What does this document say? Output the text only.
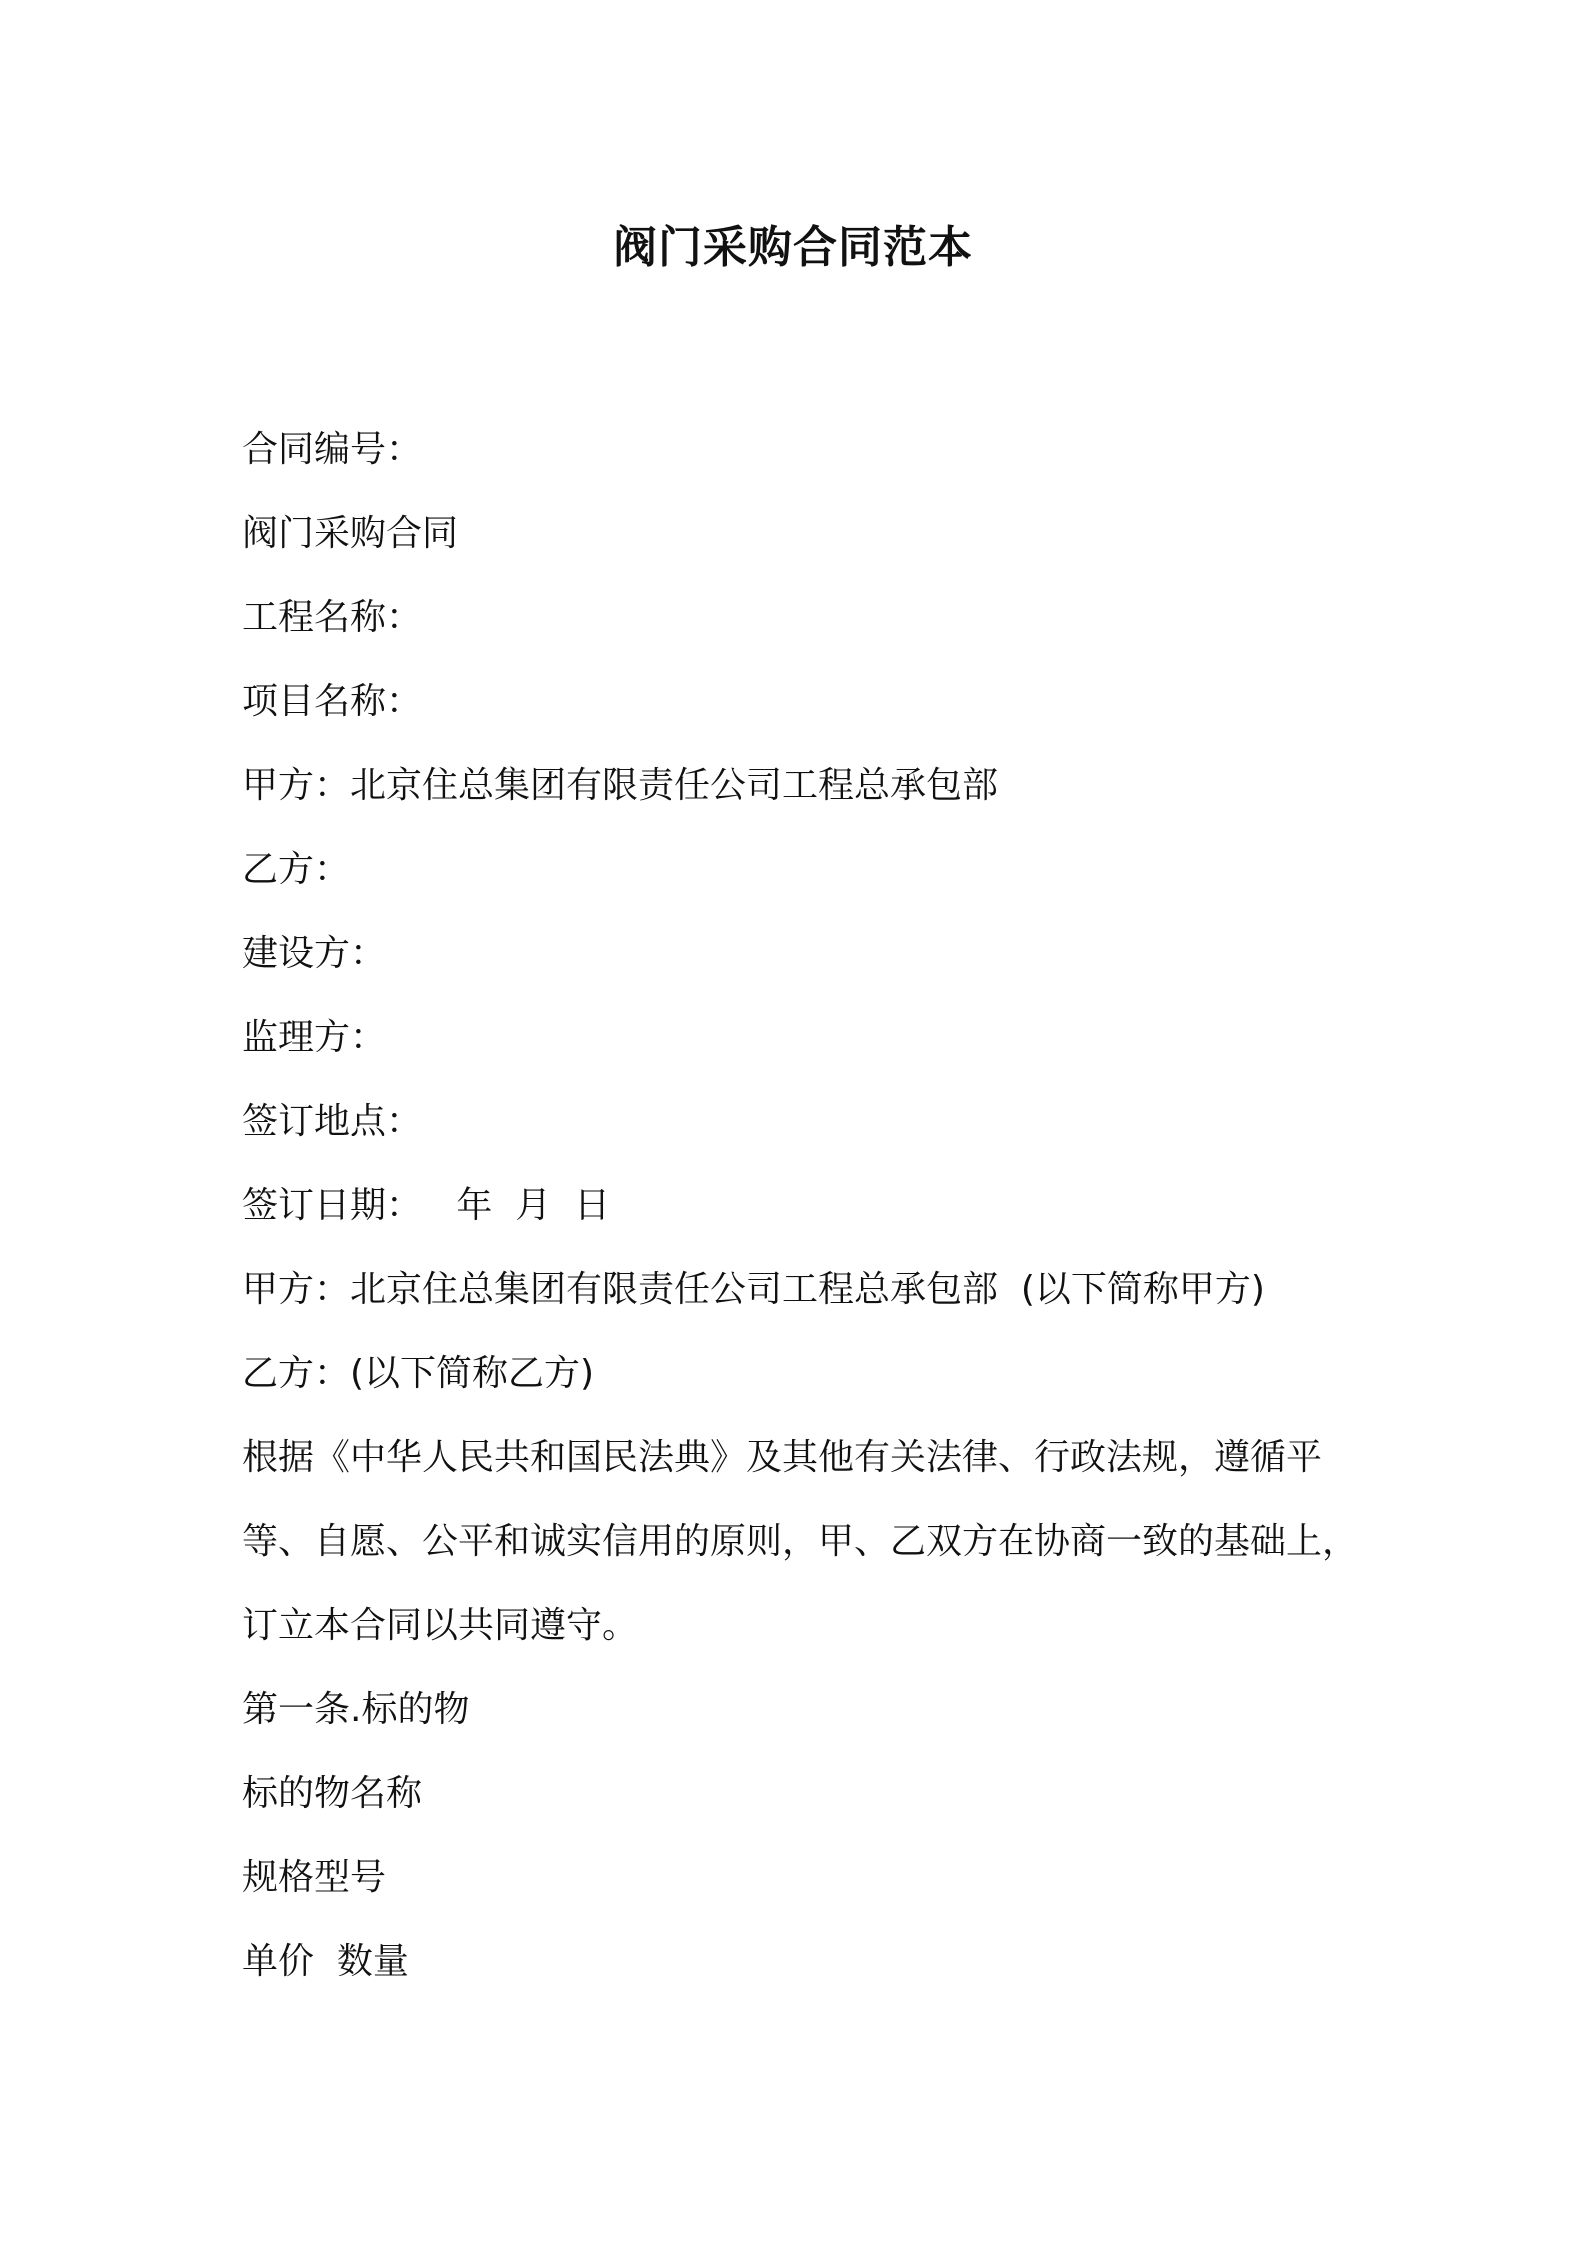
阀门采购合同范本
合同编号：
阀门采购合同
工程名称：
项目名称：
甲方：北京住总集团有限责任公司工程总承包部
乙方：
建设方：
监理方：
签订地点：
签订日期：   年  月  日
甲方：北京住总集团有限责任公司工程总承包部  (以下简称甲方)
乙方：(以下简称乙方)
根据《中华人民共和国民法典》及其他有关法律、行政法规，遵循平等、自愿、公平和诚实信用的原则，甲、乙双方在协商一致的基础上，订立本合同以共同遵守。
第一条.标的物
标的物名称
规格型号
单价  数量
